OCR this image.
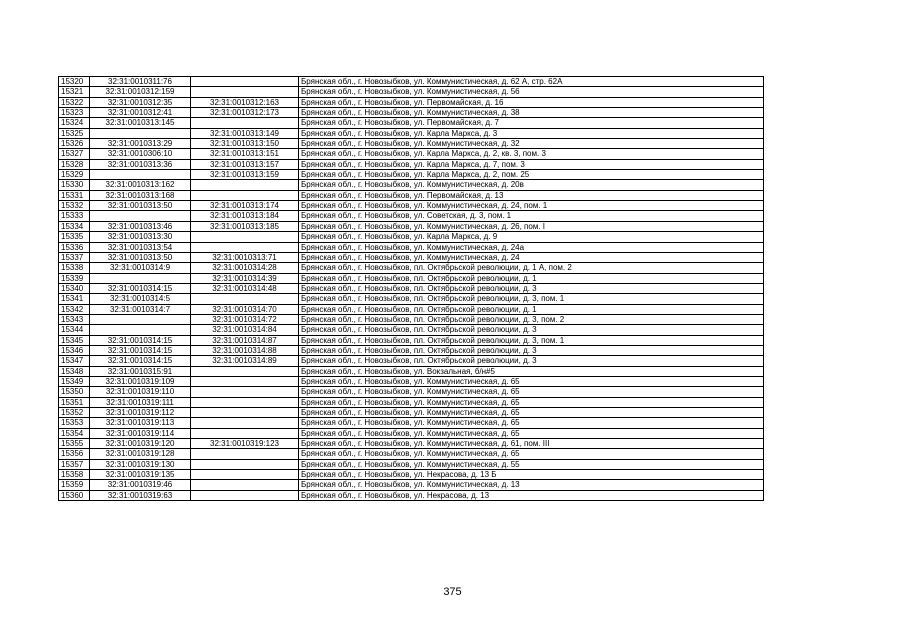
15320	32:31:0010311:76		Брянская обл., г. Новозыбков, ул. Коммунистическая, д. 62 А, стр. 62А
15321	32:31:0010312:159		Брянская обл., г. Новозыбков, ул. Коммунистическая, д. 56
15322	32:31:0010312:35	32:31:0010312:163	Брянская обл., г. Новозыбков, ул. Первомайская, д. 16
15323	32:31:0010312:41	32:31:0010312:173	Брянская обл., г. Новозыбков, ул. Коммунистическая, д. 38
15324	32:31:0010313:145		Брянская обл., г. Новозыбков, ул. Первомайская, д. 7
15325		32:31:0010313:149	Брянская обл., г. Новозыбков, ул. Карла Маркса, д. 3
15326	32:31:0010313:29	32:31:0010313:150	Брянская обл., г. Новозыбков, ул. Коммунистическая, д. 32
15327	32:31:0010306:10	32:31:0010313:151	Брянская обл., г. Новозыбков, ул. Карла Маркса, д. 2, кв. 3, пом. 3
15328	32:31:0010313:36	32:31:0010313:157	Брянская обл., г. Новозыбков, ул. Карла Маркса, д. 7, пом. 3
15329		32:31:0010313:159	Брянская обл., г. Новозыбков, ул. Карла Маркса, д. 2, пом. 25
15330	32:31:0010313:162		Брянская обл., г. Новозыбков, ул. Коммунистическая, д. 20в
15331	32:31:0010313:168		Брянская обл., г. Новозыбков, ул. Первомайская, д. 13
15332	32:31:0010313:50	32:31:0010313:174	Брянская обл., г. Новозыбков, ул. Коммунистическая, д. 24, пом. 1
15333		32:31:0010313:184	Брянская обл., г. Новозыбков, ул. Советская, д. 3, пом. 1
15334	32:31:0010313:46	32:31:0010313:185	Брянская обл., г. Новозыбков, ул. Коммунистическая, д. 26, пом. I
15335	32:31:0010313:30		Брянская обл., г. Новозыбков, ул. Карла Маркса, д. 9
15336	32:31:0010313:54		Брянская обл., г. Новозыбков, ул. Коммунистическая, д. 24а
15337	32:31:0010313:50	32:31:0010313:71	Брянская обл., г. Новозыбков, ул. Коммунистическая, д. 24
15338	32:31:0010314:9	32:31:0010314:28	Брянская обл., г. Новозыбков, пл. Октябрьской революции, д. 1 А, пом. 2
15339		32:31:0010314:39	Брянская обл., г. Новозыбков, пл. Октябрьской революции, д. 1
15340	32:31:0010314:15	32:31:0010314:48	Брянская обл., г. Новозыбков, пл. Октябрьской революции, д. 3
15341	32:31:0010314:5		Брянская обл., г. Новозыбков, пл. Октябрьской революции, д. 3, пом. 1
15342	32:31:0010314:7	32:31:0010314:70	Брянская обл., г. Новозыбков, пл. Октябрьской революции, д. 1
15343		32:31:0010314:72	Брянская обл., г. Новозыбков, пл. Октябрьской революции, д. 3, пом. 2
15344		32:31:0010314:84	Брянская обл., г. Новозыбков, пл. Октябрьской революции, д. 3
15345	32:31:0010314:15	32:31:0010314:87	Брянская обл., г. Новозыбков, пл. Октябрьской революции, д. 3, пом. 1
15346	32:31:0010314:15	32:31:0010314:88	Брянская обл., г. Новозыбков, пл. Октябрьской революции, д. 3
15347	32:31:0010314:15	32:31:0010314:89	Брянская обл., г. Новозыбков, пл. Октябрьской революции, д. 3
15348	32:31:0010315:91		Брянская обл., г. Новозыбков, ул. Вокзальная, б/н#5
15349	32:31:0010319:109		Брянская обл., г. Новозыбков, ул. Коммунистическая, д. 65
15350	32:31:0010319:110		Брянская обл., г. Новозыбков, ул. Коммунистическая, д. 65
15351	32:31:0010319:111		Брянская обл., г. Новозыбков, ул. Коммунистическая, д. 65
15352	32:31:0010319:112		Брянская обл., г. Новозыбков, ул. Коммунистическая, д. 65
15353	32:31:0010319:113		Брянская обл., г. Новозыбков, ул. Коммунистическая, д. 65
15354	32:31:0010319:114		Брянская обл., г. Новозыбков, ул. Коммунистическая, д. 65
15355	32:31:0010319:120	32:31:0010319:123	Брянская обл., г. Новозыбков, ул. Коммунистическая, д. 61, пом. III
15356	32:31:0010319:128		Брянская обл., г. Новозыбков, ул. Коммунистическая, д. 65
15357	32:31:0010319:130		Брянская обл., г. Новозыбков, ул. Коммунистическая, д. 55
15358	32:31:0010319:135		Брянская обл., г. Новозыбков, ул. Некрасова, д. 13 Б
15359	32:31:0010319:46		Брянская обл., г. Новозыбков, ул. Коммунистическая, д. 13
15360	32:31:0010319:63		Брянская обл., г. Новозыбков, ул. Некрасова, д. 13
375
